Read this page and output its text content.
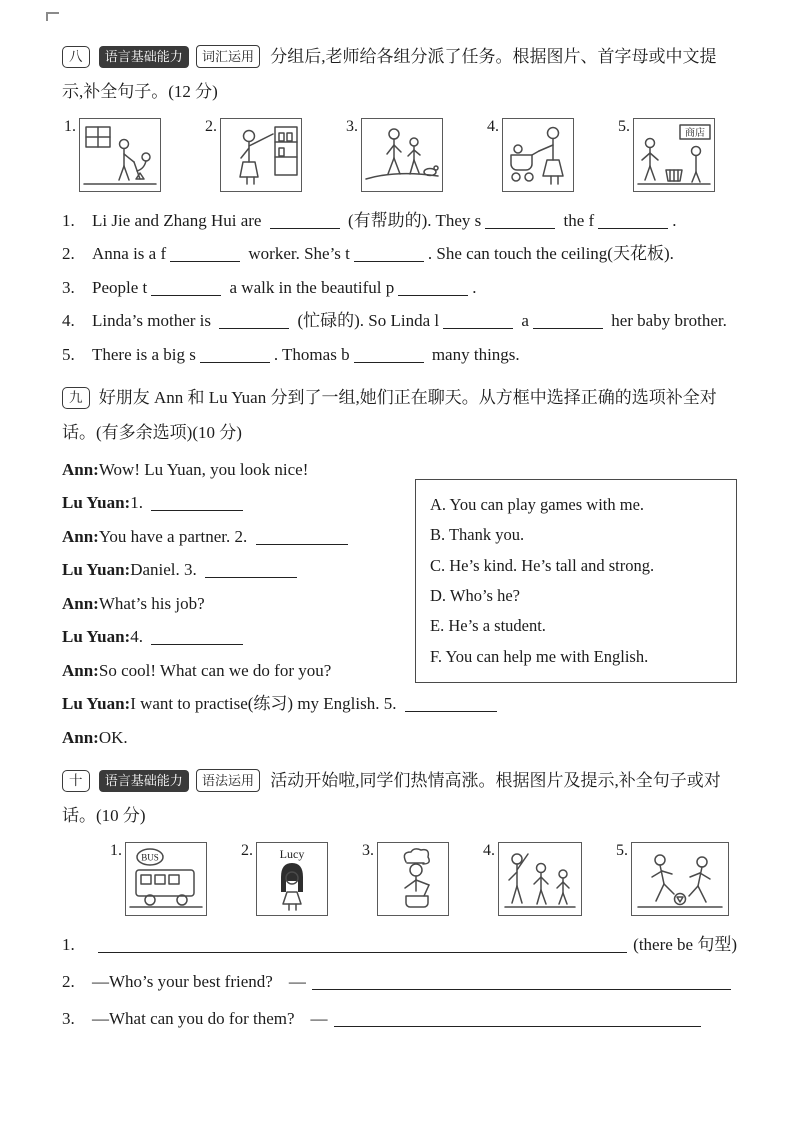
八 语言基础能力 词汇运用 分组后,老师给各组分派了任务。根据图片、首字母或中文提示,补全句子。(12 分)

1.	2.	3.	4.	5.	商店
1.	Li Jie and Zhang Hui are	(有帮助的). They s	the f	.
2.	Anna is a f	worker. She’s t	. She can touch the ceiling(天花板).
3.	People t	a walk in the beautiful p	.
4.	Linda’s mother is	(忙碌的). So Linda l	a	her baby brother.
5.	There is a big s	. Thomas b	many things.

九 好朋友 Ann 和 Lu Yuan 分到了一组,她们正在聊天。从方框中选择正确的选项补全对话。(有多余选项)(10 分)

Ann:Wow! Lu Yuan, you look nice!
Lu Yuan:1.
Ann:You have a partner. 2.
Lu Yuan:Daniel. 3.
Ann:What’s his job?
Lu Yuan:4.
Ann:So cool! What can we do for you?
Lu Yuan:I want to practise(练习) my English. 5.
Ann:OK.
A. You can play games with me.
B. Thank you.
C. He’s kind. He’s tall and strong.
D. Who’s he?
E. He’s a student.
F. You can help me with English.

十 语言基础能力 语法运用 活动开始啦,同学们热情高涨。根据图片及提示,补全句子或对话。(10 分)

1. BUS	2. Lucy	3.	4.	5.
1.	(there be 句型)
2.	—Who’s your best friend? —
3.	—What can you do for them? —
